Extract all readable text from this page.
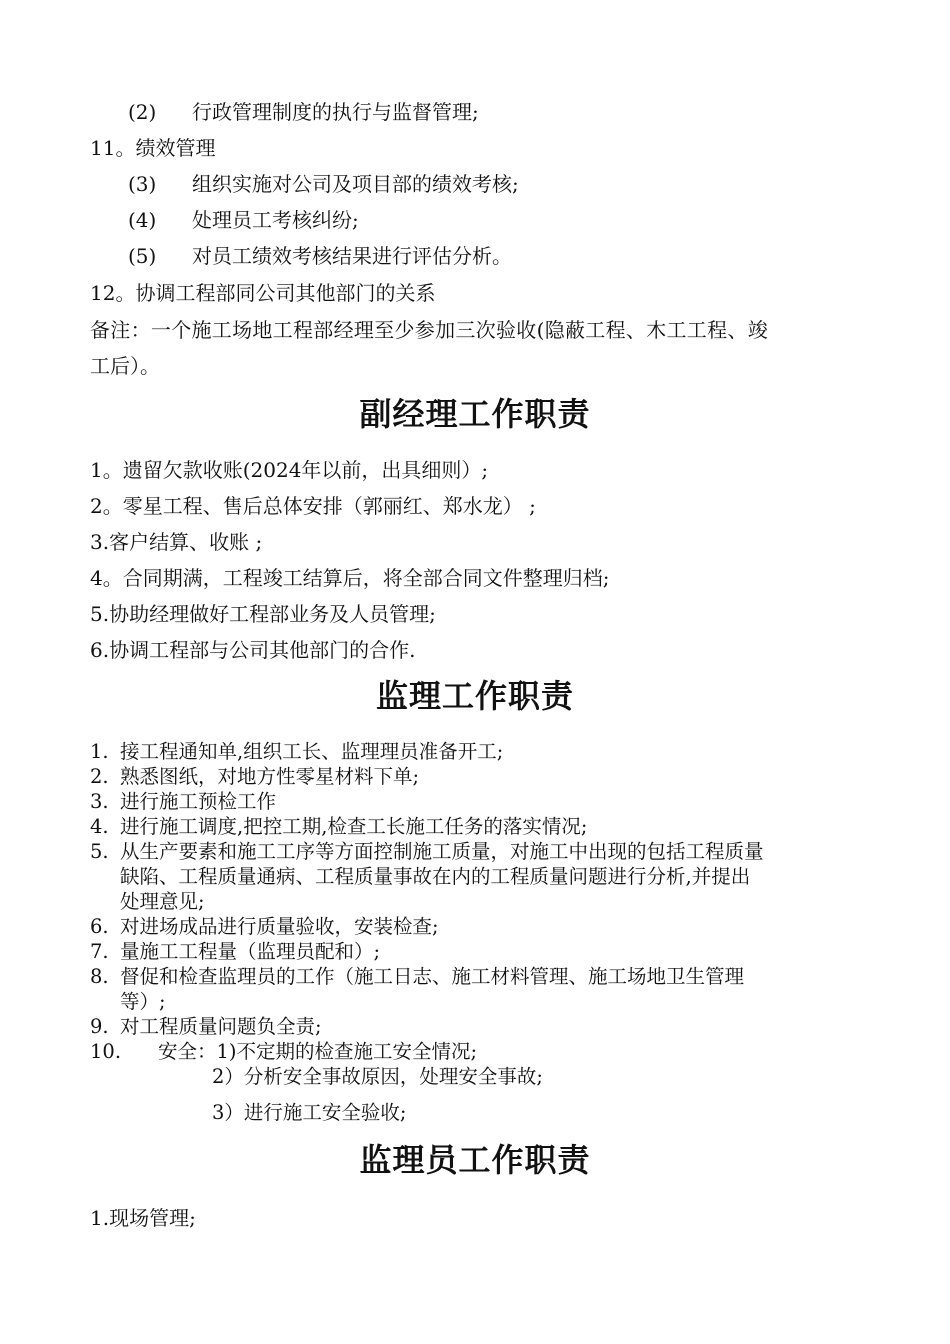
(2) 行政管理制度的执行与监督管理;
11。绩效管理
(3) 组织实施对公司及项目部的绩效考核;
(4) 处理员工考核纠纷;
(5) 对员工绩效考核结果进行评估分析。
12。协调工程部同公司其他部门的关系
备注：一个施工场地工程部经理至少参加三次验收(隐蔽工程、木工工程、竣
工后）。
副经理工作职责
1。遗留欠款收账(2024年以前，出具细则）;
2。零星工程、售后总体安排（郭丽红、郑水龙） ;
3.客户结算、收账 ;
4。合同期满，工程竣工结算后，将全部合同文件整理归档;
5.协助经理做好工程部业务及人员管理;
6.协调工程部与公司其他部门的合作.
监理工作职责
1. 接工程通知单,组织工长、监理理员准备开工;
2. 熟悉图纸，对地方性零星材料下单;
3. 进行施工预检工作
4. 进行施工调度,把控工期,检查工长施工任务的落实情况;
5. 从生产要素和施工工序等方面控制施工质量，对施工中出现的包括工程质量
缺陷、工程质量通病、工程质量事故在内的工程质量问题进行分析,并提出
处理意见;
6. 对进场成品进行质量验收，安装检查;
7. 量施工工程量（监理员配和）;
8. 督促和检查监理员的工作（施工日志、施工材料管理、施工场地卫生管理
等）;
9. 对工程质量问题负全责;
10. 安全：1)不定期的检查施工安全情况;
2）分析安全事故原因，处理安全事故;
3）进行施工安全验收;
监理员工作职责
1.现场管理;
